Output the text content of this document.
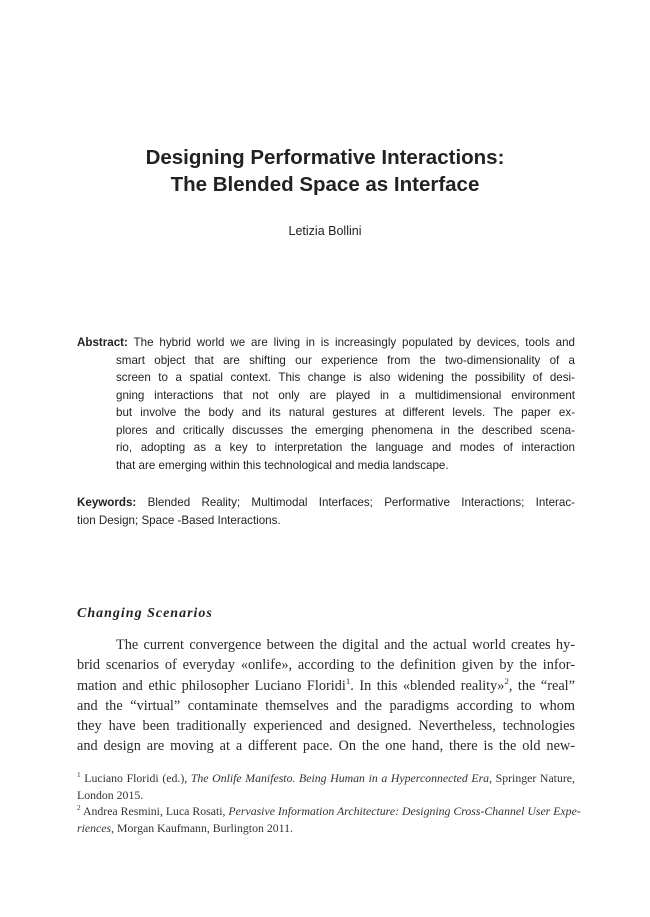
Designing Performative Interactions:
The Blended Space as Interface
Letizia Bollini
Abstract: The hybrid world we are living in is increasingly populated by devices, tools and
smart object that are shifting our experience from the two-dimensionality of a
screen to a spatial context. This change is also widening the possibility of desi-
gning interactions that not only are played in a multidimensional environment
but involve the body and its natural gestures at different levels. The paper ex-
plores and critically discusses the emerging phenomena in the described scena-
rio, adopting as a key to interpretation the language and modes of interaction
that are emerging within this technological and media landscape.
Keywords: Blended Reality; Multimodal Interfaces; Performative Interactions; Interac-
tion Design; Space -Based Interactions.
Changing Scenarios
The current convergence between the digital and the actual world creates hy-
brid scenarios of everyday «onlife», according to the definition given by the infor-
mation and ethic philosopher Luciano Floridi$^1$. In this «blended reality»$^2$, the “real”
and the “virtual” contaminate themselves and the paradigms according to whom
they have been traditionally experienced and designed. Nevertheless, technologies
and design are moving at a different pace. On the one hand, there is the old new-
$^1$ Luciano Floridi (ed.), The Onlife Manifesto. Being Human in a Hyperconnected Era, Springer Nature,
London 2015.
$^2$ Andrea Resmini, Luca Rosati, Pervasive Information Architecture: Designing Cross-Channel User Expe-
riences, Morgan Kaufmann, Burlington 2011.
